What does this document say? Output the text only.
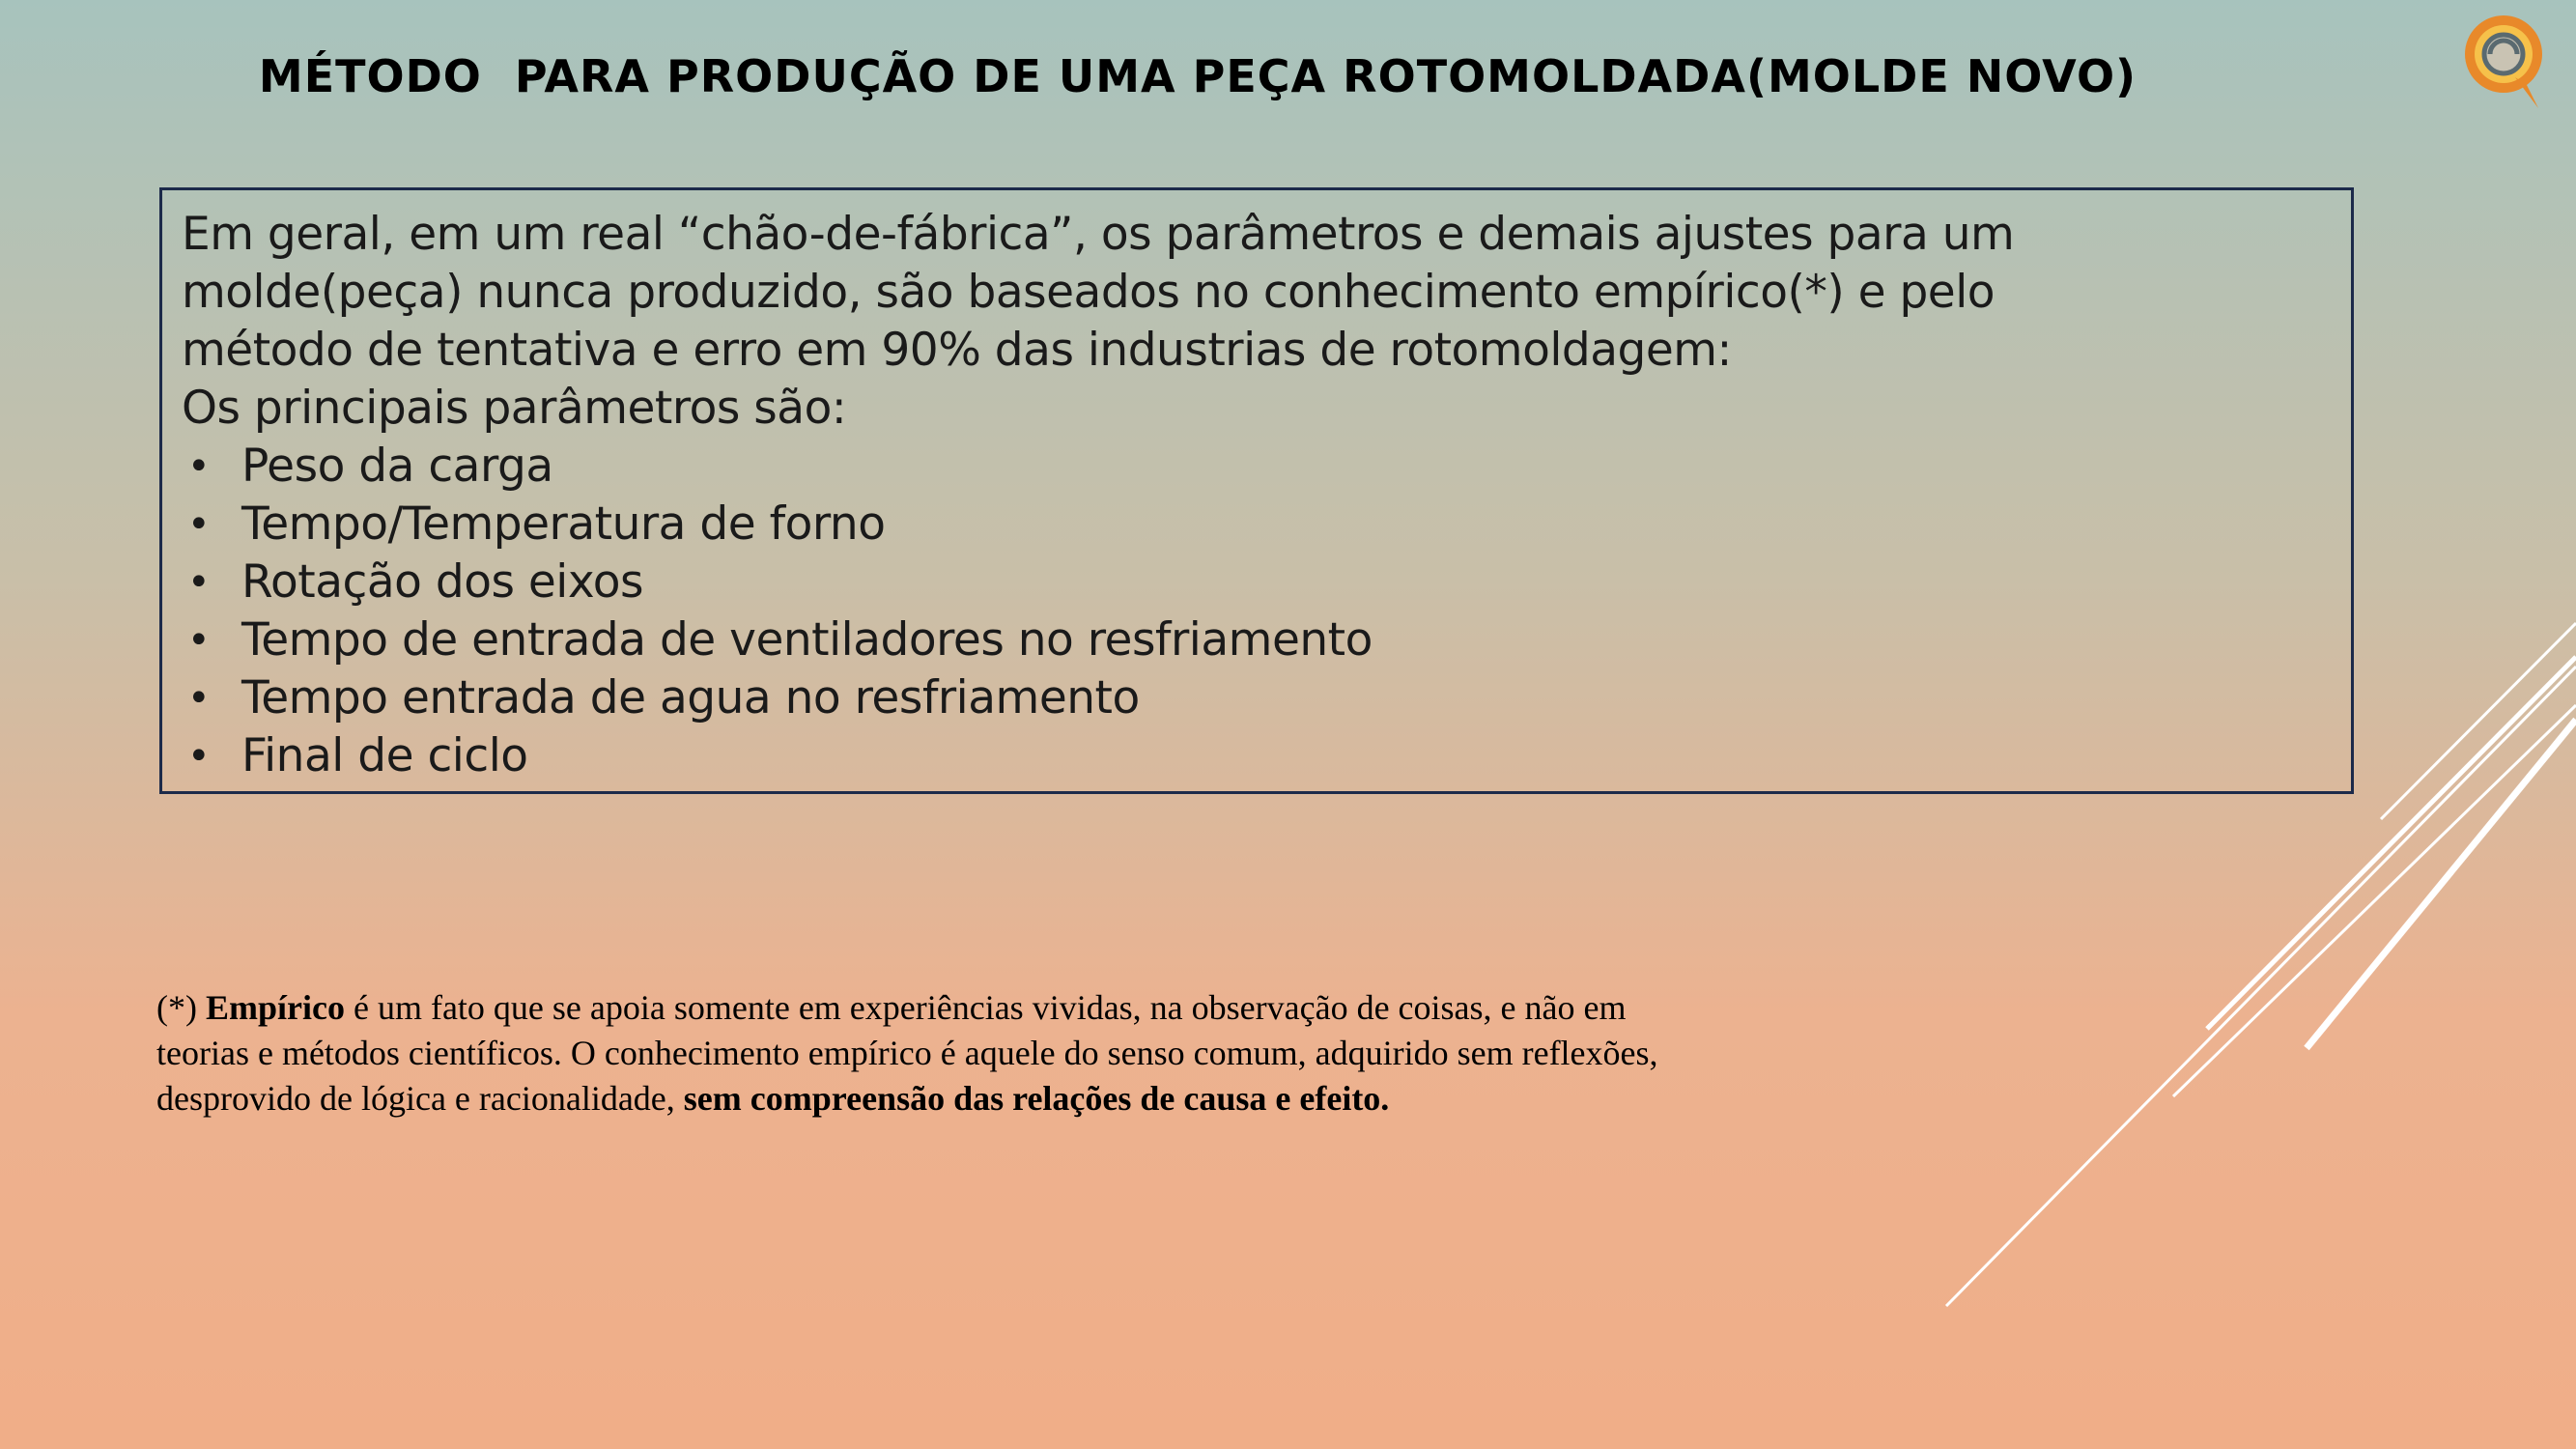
MÉTODO  PARA PRODUÇÃO DE UMA PEÇA ROTOMOLDADA(MOLDE NOVO)

Em geral, em um real “chão-de-fábrica”, os parâmetros e demais ajustes para um

molde(peça) nunca produzido, são baseados no conhecimento empírico(*) e pelo

método de tentativa e erro em 90% das industrias de rotomoldagem:

Os principais parâmetros são:

• Peso da carga
• Tempo/Temperatura de forno
• Rotação dos eixos
• Tempo de entrada de ventiladores no resfriamento
• Tempo entrada de agua no resfriamento
• Final de ciclo
(*) Empírico é um fato que se apoia somente em experiências vividas, na observação de coisas, e não em teorias e métodos científicos. O conhecimento empírico é aquele do senso comum, adquirido sem reflexões, desprovido de lógica e racionalidade, sem compreensão das relações de causa e efeito.
